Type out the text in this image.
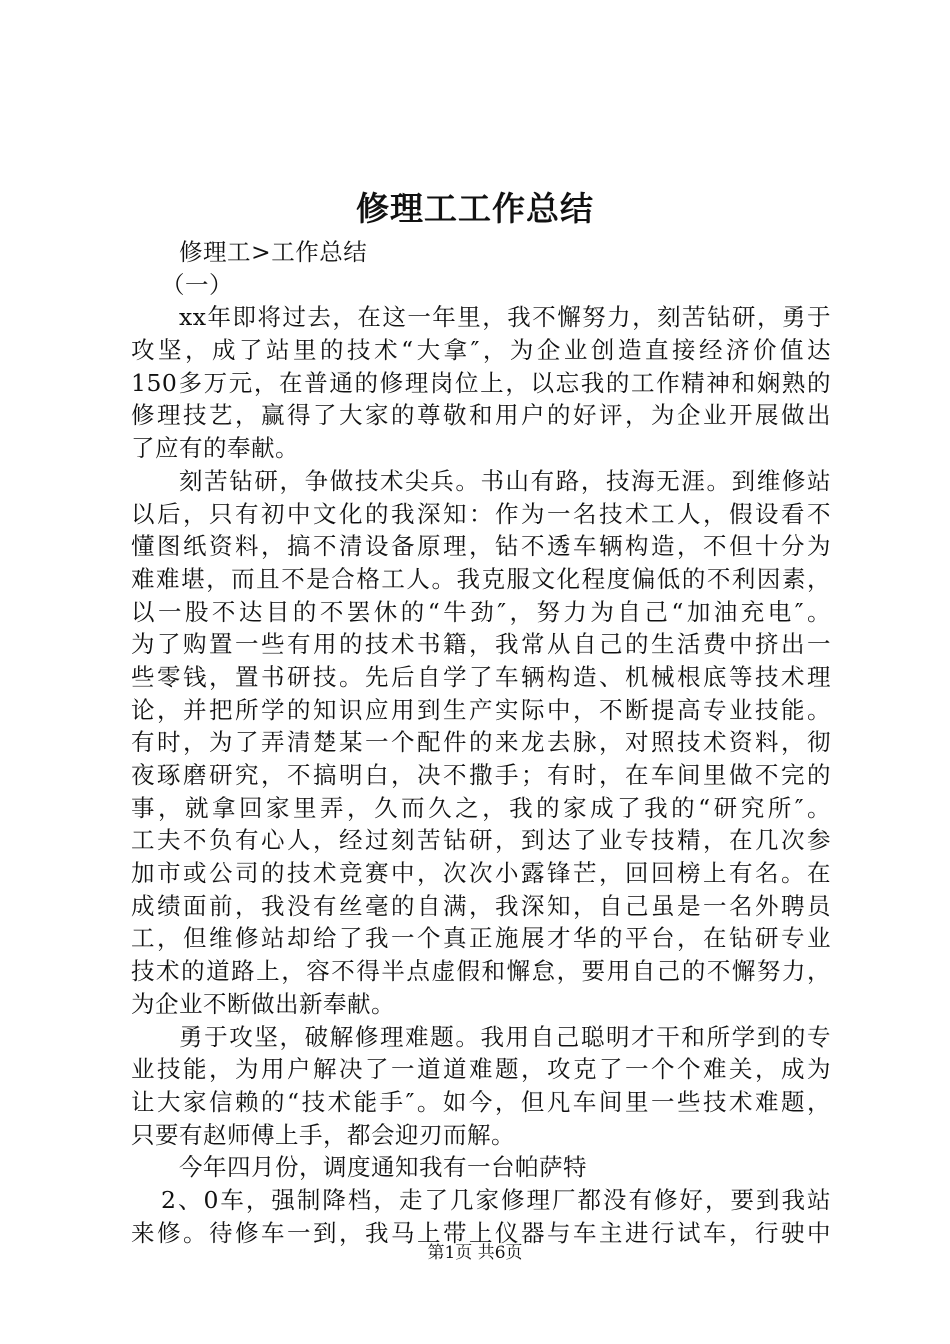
修理工工作总结
修理工>工作总结
（一）
xx年即将过去，在这一年里，我不懈努力，刻苦钻研，勇于
攻坚，成了站里的技术“大拿″，为企业创造直接经济价值达
150多万元，在普通的修理岗位上，以忘我的工作精神和娴熟的
修理技艺，赢得了大家的尊敬和用户的好评，为企业开展做出
了应有的奉献。
刻苦钻研，争做技术尖兵。书山有路，技海无涯。到维修站
以后，只有初中文化的我深知：作为一名技术工人，假设看不
懂图纸资料，搞不清设备原理，钻不透车辆构造，不但十分为
难难堪，而且不是合格工人。我克服文化程度偏低的不利因素，
以一股不达目的不罢休的“牛劲″，努力为自己“加油充电″。
为了购置一些有用的技术书籍，我常从自己的生活费中挤出一
些零钱，置书研技。先后自学了车辆构造、机械根底等技术理
论，并把所学的知识应用到生产实际中，不断提高专业技能。
有时，为了弄清楚某一个配件的来龙去脉，对照技术资料，彻
夜琢磨研究，不搞明白，决不撒手；有时，在车间里做不完的
事，就拿回家里弄，久而久之，我的家成了我的“研究所″。
工夫不负有心人，经过刻苦钻研，到达了业专技精，在几次参
加市或公司的技术竞赛中，次次小露锋芒，回回榜上有名。在
成绩面前，我没有丝毫的自满，我深知，自己虽是一名外聘员
工，但维修站却给了我一个真正施展才华的平台，在钻研专业
技术的道路上，容不得半点虚假和懈怠，要用自己的不懈努力，
为企业不断做出新奉献。
勇于攻坚，破解修理难题。我用自己聪明才干和所学到的专
业技能，为用户解决了一道道难题，攻克了一个个难关，成为
让大家信赖的“技术能手″。如今，但凡车间里一些技术难题，
只要有赵师傅上手，都会迎刃而解。
今年四月份，调度通知我有一台帕萨特
2、0车，强制降档，走了几家修理厂都没有修好，要到我站
来修。待修车一到，我马上带上仪器与车主进行试车，行驶中
第1页 共6页
